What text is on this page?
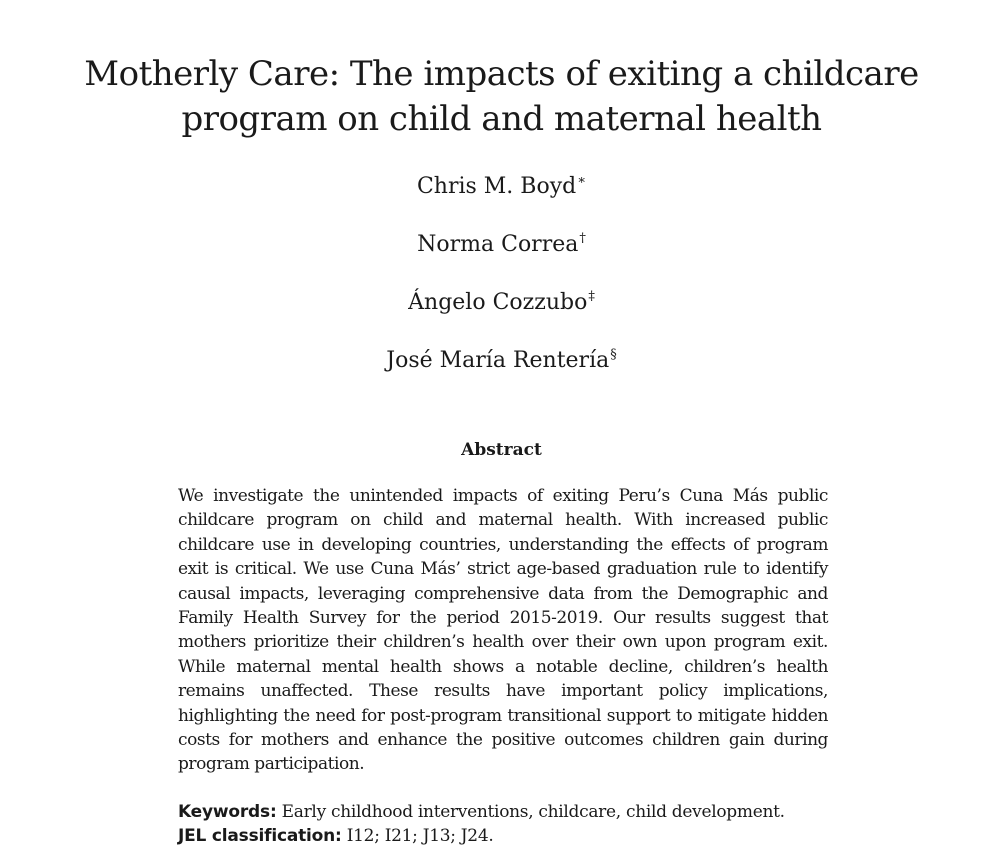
Motherly Care: The impacts of exiting a childcare
program on child and maternal health
Chris M. Boyd∗
Norma Correa†
Ángelo Cozzubo‡
José María Rentería§
Abstract

We investigate the unintended impacts of exiting Peru’s Cuna Más public childcare program on child and maternal health. With increased public childcare use in developing countries, understanding the effects of program exit is critical. We use Cuna Más’ strict age-based graduation rule to identify causal impacts, leveraging comprehensive data from the Demographic and Family Health Survey for the period 2015-2019. Our results suggest that mothers prioritize their children’s health over their own upon program exit. While maternal mental health shows a notable decline, children’s health remains unaffected. These results have important policy implications, highlighting the need for post-program transitional support to mitigate hidden costs for mothers and enhance the positive outcomes children gain during program participation.

Keywords: Early childhood interventions, childcare, child development.
JEL classification: I12; I21; J13; J24.
